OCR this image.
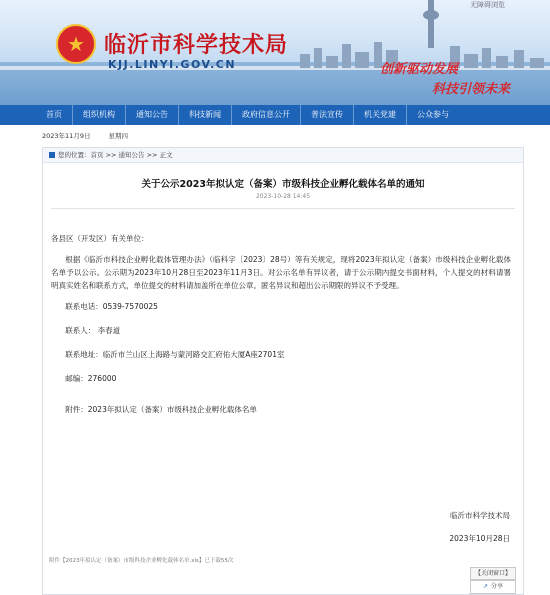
无障碍浏览
★ 临沂市科学技术局
KJJ.LINYI.GOV.CN	创新驱动发展
科技引领未来
首页	组织机构	通知公告	科技新闻	政府信息公开	普法宣传	机关党建	公众参与
2023年11月9日	星期四
您的位置：首页 >> 通知公告 >> 正文
关于公示2023年拟认定（备案）市级科技企业孵化载体名单的通知
2023-10-28 14:45

各县区（开发区）有关单位：

根据《临沂市科技企业孵化载体管理办法》（临科字〔2023〕28号）等有关规定，现将2023年拟认定（备案）市级科技企业孵化载体名单予以公示。公示期为2023年10月28日至2023年11月3日。对公示名单有异议者，请于公示期内提交书面材料，个人提交的材料请署明真实姓名和联系方式，单位提交的材料请加盖所在单位公章。匿名异议和超出公示期限的异议不予受理。

联系电话：0539-7570025

联系人： 李春道

联系地址：临沂市兰山区上海路与蒙河路交汇府佑大厦A座2701室

邮编：276000

附件：2023年拟认定（备案）市级科技企业孵化载体名单

临沂市科学技术局
2023年10月28日
附件【2023年拟认定（备案）市级科技企业孵化载体名单.xls】已下载55次
【关闭窗口】
↗ 分享
